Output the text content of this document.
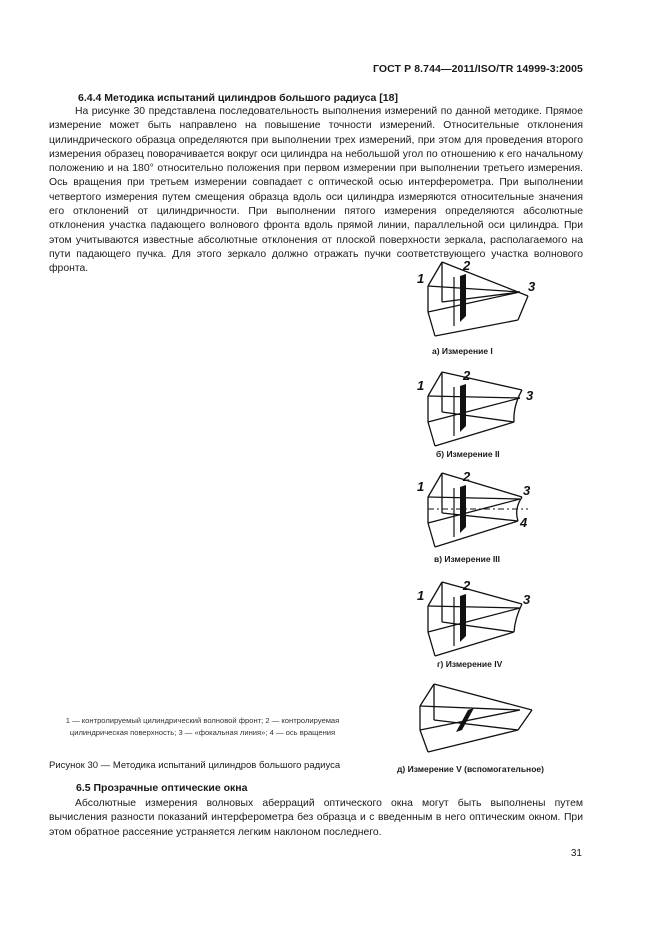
ГОСТ Р 8.744—2011/ISO/TR 14999-3:2005
6.4.4 Методика испытаний цилиндров большого радиуса [18]

На рисунке 30 представлена последовательность выполнения измерений по данной методике. Прямое измерение может быть направлено на повышение точности измерений. Относительные отклонения цилиндрического образца определяются при выполнении трех измерений, при этом для проведения второго измерения образец поворачивается вокруг оси цилиндра на небольшой угол по отношению к его начальному положению и на 180° относительно положения при первом измерении при выполнении третьего измерения. Ось вращения при третьем измерении совпадает с оптической осью интерферометра. При выполнении четвертого измерения путем смещения образца вдоль оси цилиндра измеряются относительные значения его отклонений от цилиндричности. При выполнении пятого измерения определяются абсолютные отклонения участка падающего волнового фронта вдоль прямой линии, параллельной оси цилиндра. При этом учитываются известные абсолютные отклонения от плоской поверхности зеркала, располагаемого на пути падающего пучка. Для этого зеркало должно отражать пучки соответствующего участка волнового фронта.

1
2
3
а) Измерение I
1
2
3
б) Измерение II
1
2
3
4
в) Измерение III
1
2
3
г) Измерение IV
д) Измерение V (вспомогательное)
1 — контролируемый цилиндрический волновой фронт; 2 — контролируемая цилиндрическая поверхность; 3 — «фокальная линия»; 4 — ось вращения
Рисунок 30 — Методика испытаний цилиндров большого радиуса
6.5 Прозрачные оптические окна

Абсолютные измерения волновых аберраций оптического окна могут быть выполнены путем вычисления разности показаний интерферометра без образца и с введенным в него оптическим окном. При этом обратное рассеяние устраняется легким наклоном последнего.

31
